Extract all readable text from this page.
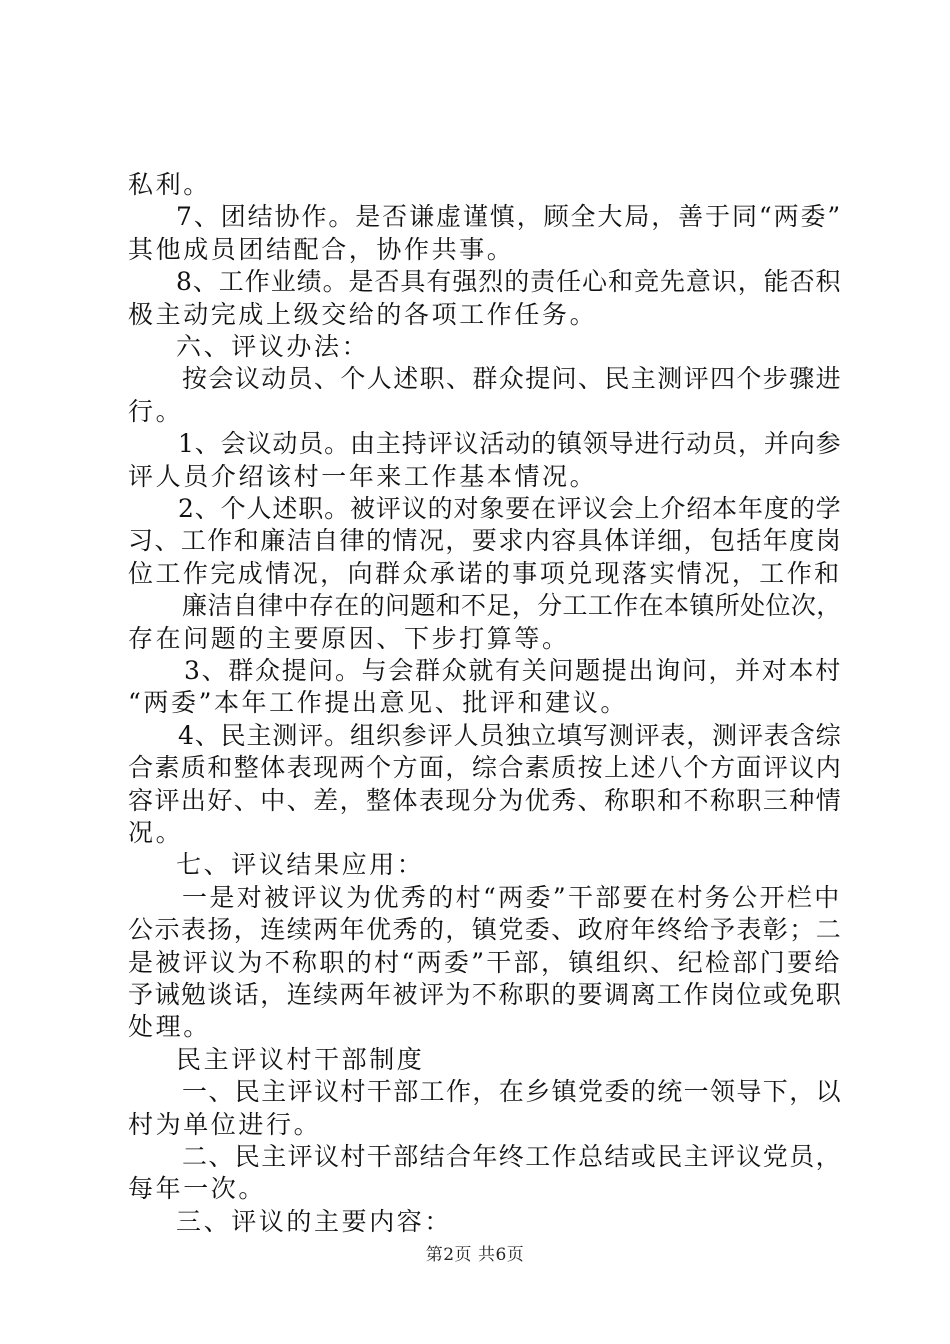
私利。
7、团结协作。是否谦虚谨慎，顾全大局，善于同“两委”
其他成员团结配合，协作共事。
8、工作业绩。是否具有强烈的责任心和竞先意识，能否积
极主动完成上级交给的各项工作任务。
六、评议办法：
按会议动员、个人述职、群众提问、民主测评四个步骤进
行。
1、会议动员。由主持评议活动的镇领导进行动员，并向参
评人员介绍该村一年来工作基本情况。
2、个人述职。被评议的对象要在评议会上介绍本年度的学
习、工作和廉洁自律的情况，要求内容具体详细，包括年度岗
位工作完成情况，向群众承诺的事项兑现落实情况，工作和
廉洁自律中存在的问题和不足，分工工作在本镇所处位次，
存在问题的主要原因、下步打算等。
3、群众提问。与会群众就有关问题提出询问，并对本村
“两委”本年工作提出意见、批评和建议。
4、民主测评。组织参评人员独立填写测评表，测评表含综
合素质和整体表现两个方面，综合素质按上述八个方面评议内
容评出好、中、差，整体表现分为优秀、称职和不称职三种情
况。
七、评议结果应用：
一是对被评议为优秀的村“两委”干部要在村务公开栏中
公示表扬，连续两年优秀的，镇党委、政府年终给予表彰；二
是被评议为不称职的村“两委”干部，镇组织、纪检部门要给
予诫勉谈话，连续两年被评为不称职的要调离工作岗位或免职
处理。
民主评议村干部制度
一、民主评议村干部工作，在乡镇党委的统一领导下，以
村为单位进行。
二、民主评议村干部结合年终工作总结或民主评议党员，
每年一次。
三、评议的主要内容：
第2页 共6页
